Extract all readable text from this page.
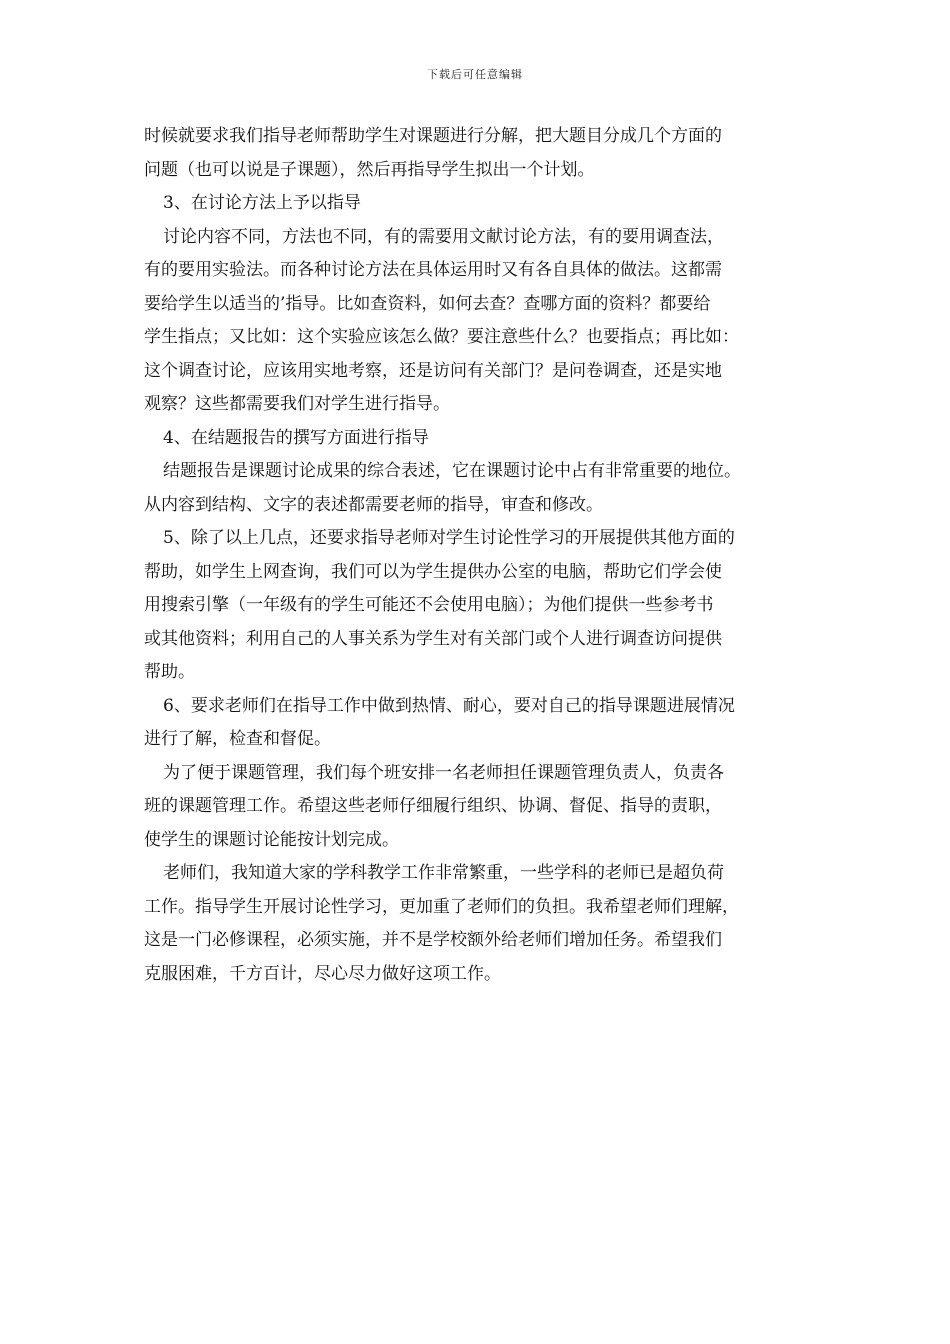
下载后可任意编辑
时候就要求我们指导老师帮助学生对课题进行分解，把大题目分成几个方面的
问题（也可以说是子课题），然后再指导学生拟出一个计划。
3、在讨论方法上予以指导
讨论内容不同，方法也不同，有的需要用文献讨论方法，有的要用调查法，
有的要用实验法。而各种讨论方法在具体运用时又有各自具体的做法。这都需
要给学生以适当的’指导。比如查资料，如何去查？查哪方面的资料？都要给
学生指点；又比如：这个实验应该怎么做？要注意些什么？也要指点；再比如：
这个调查讨论，应该用实地考察，还是访问有关部门？是问卷调查，还是实地
观察？这些都需要我们对学生进行指导。
4、在结题报告的撰写方面进行指导
结题报告是课题讨论成果的综合表述，它在课题讨论中占有非常重要的地位。
从内容到结构、文字的表述都需要老师的指导，审查和修改。
5、除了以上几点，还要求指导老师对学生讨论性学习的开展提供其他方面的
帮助，如学生上网查询，我们可以为学生提供办公室的电脑，帮助它们学会使
用搜索引擎（一年级有的学生可能还不会使用电脑）；为他们提供一些参考书
或其他资料；利用自己的人事关系为学生对有关部门或个人进行调查访问提供
帮助。
6、要求老师们在指导工作中做到热情、耐心，要对自己的指导课题进展情况
进行了解，检查和督促。
为了便于课题管理，我们每个班安排一名老师担任课题管理负责人，负责各
班的课题管理工作。希望这些老师仔细履行组织、协调、督促、指导的责职，
使学生的课题讨论能按计划完成。
老师们，我知道大家的学科教学工作非常繁重，一些学科的老师已是超负荷
工作。指导学生开展讨论性学习，更加重了老师们的负担。我希望老师们理解，
这是一门必修课程，必须实施，并不是学校额外给老师们增加任务。希望我们
克服困难，千方百计，尽心尽力做好这项工作。
